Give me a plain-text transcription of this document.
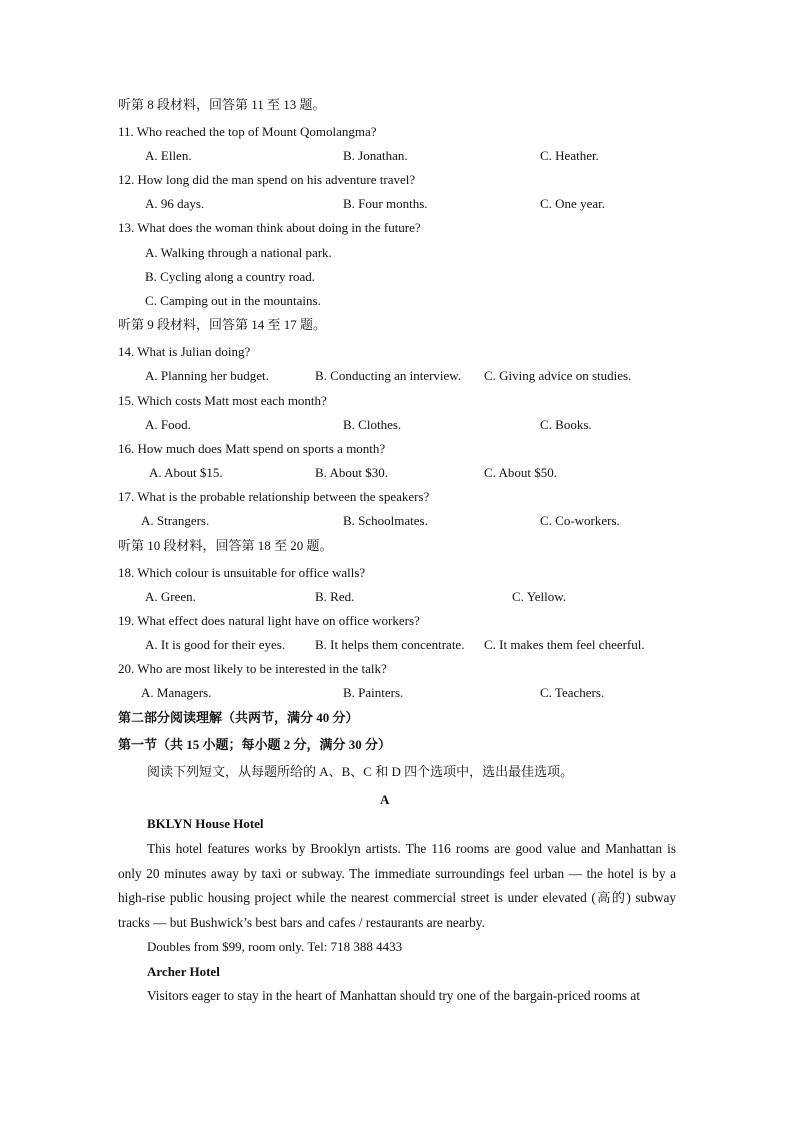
听第 8 段材料，回答第 11 至 13 题。
11. Who reached the top of Mount Qomolangma?
A. Ellen.	B. Jonathan.	C. Heather.
12. How long did the man spend on his adventure travel?
A. 96 days.	B. Four months.	C. One year.
13. What does the woman think about doing in the future?
A. Walking through a national park.
B. Cycling along a country road.
C. Camping out in the mountains.
听第 9 段材料，回答第 14 至 17 题。
14. What is Julian doing?
A. Planning her budget.	B. Conducting an interview. C. Giving advice on studies.
15. Which costs Matt most each month?
A. Food.	B. Clothes.	C. Books.
16. How much does Matt spend on sports a month?
A. About $15.	B. About $30.	C. About $50.
17. What is the probable relationship between the speakers?
A. Strangers.	B. Schoolmates.	C. Co-workers.
听第 10 段材料，回答第 18 至 20 题。
18. Which colour is unsuitable for office walls?
A. Green.	B. Red.	C. Yellow.
19. What effect does natural light have on office workers?
A. It is good for their eyes. B. It helps them concentrate. C. It makes them feel cheerful.
20. Who are most likely to be interested in the talk?
A. Managers.	B. Painters.	C. Teachers.
第二部分阅读理解（共两节，满分 40 分）
第一节（共 15 小题；每小题 2 分，满分 30 分）
阅读下列短文，从每题所给的 A、B、C 和 D 四个选项中，选出最佳选项。
A
BKLYN House Hotel
This hotel features works by Brooklyn artists. The 116 rooms are good value and Manhattan is only 20 minutes away by taxi or subway. The immediate surroundings feel urban — the hotel is by a high-rise public housing project while the nearest commercial street is under elevated (高的) subway tracks — but Bushwick’s best bars and cafes / restaurants are nearby.
Doubles from $99, room only. Tel: 718 388 4433
Archer Hotel
Visitors eager to stay in the heart of Manhattan should try one of the bargain-priced rooms at
